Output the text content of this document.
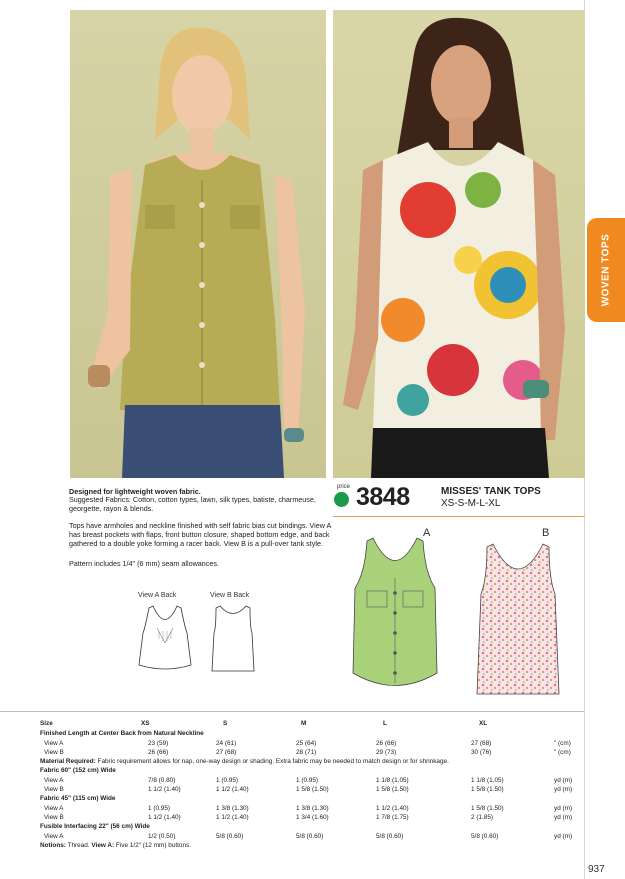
WOVEN TOPS
Designed for lightweight woven fabric.
Suggested Fabrics: Cotton, cotton types, lawn, silk types, batiste, charmeuse, georgette, rayon & blends.
Tops have armholes and neckline finished with self fabric bias cut bindings. View A has breast pockets with flaps, front button closure, shaped bottom edge, and back gathered to a double yoke forming a racer back. View B is a pull-over tank style.
Pattern includes 1/4" (6 mm) seam allowances.
View A Back	View B Back
price 3848	MISSES' TANK TOPS
XS-S-M-L-XL
A	B
Size	XS	S	M	L	XL
Finished Length at Center Back from Natural Neckline
View A	23 (59)	24 (61)	25 (64)	26 (66)	27 (68)	" (cm)
View B	26 (66)	27 (68)	28 (71)	29 (73)	30 (76)	" (cm)
Material Required: Fabric requirement allows for nap, one-way design or shading. Extra fabric may be needed to match design or for shrinkage.
Fabric 60" (152 cm) Wide
View A	7/8 (0.80)	1 (0.95)	1 (0.95)	1 1/8 (1.05)	1 1/8 (1.05)	yd (m)
View B	1 1/2 (1.40)	1 1/2 (1.40)	1 5/8 (1.50)	1 5/8 (1.50)	1 5/8 (1.50)	yd (m)
Fabric 45" (115 cm) Wide
View A	1 (0.95)	1 3/8 (1.30)	1 3/8 (1.30)	1 1/2 (1.40)	1 5/8 (1.50)	yd (m)
View B	1 1/2 (1.40)	1 1/2 (1.40)	1 3/4 (1.60)	1 7/8 (1.75)	2 (1.85)	yd (m)
Fusible Interfacing 22" (56 cm) Wide
View A	1/2 (0.50)	5/8 (0.60)	5/8 (0.60)	5/8 (0.60)	5/8 (0.60)	yd (m)
Notions: Thread. View A: Five 1/2" (12 mm) buttons.
937
